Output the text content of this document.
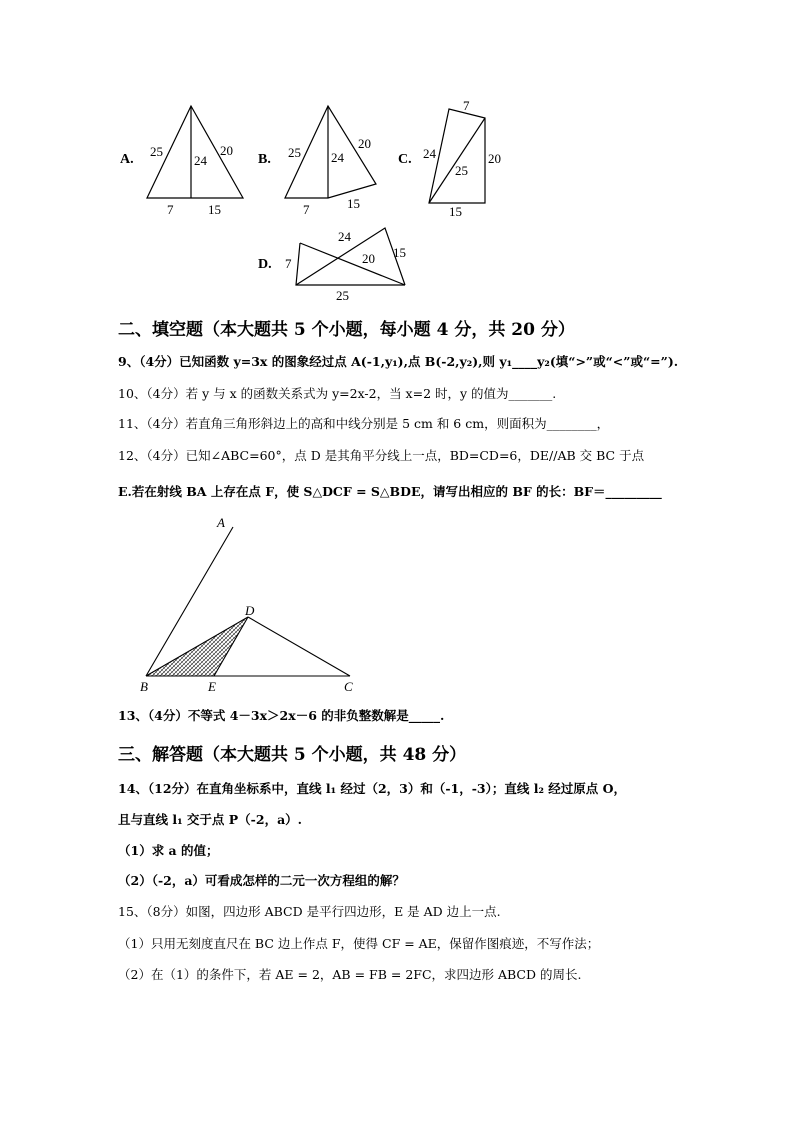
A.
25
24
20
7	15
B. 25 24
20
7	15
C.
7
24
25
20
15
D. 7
24
20 15
25
A
D
B	E	C
二、填空题（本大题共 5 个小题，每小题 4 分，共 20 分）
9、（4分）已知函数 y=3x 的图象经过点 A(-1,y₁),点 B(-2,y₂),则 y₁____y₂(填“>”或“<”或“=”).
10、（4分）若 y 与 x 的函数关系式为 y=2x-2，当 x=2 时，y 的值为_______.
11、（4分）若直角三角形斜边上的高和中线分别是 5 cm 和 6 cm，则面积为________，
12、（4分）已知∠ABC=60°，点 D 是其角平分线上一点，BD=CD=6，DE//AB 交 BC 于点
E.若在射线 BA 上存在点 F，使 S△DCF = S△BDE，请写出相应的 BF 的长：BF＝_________
13、（4分）不等式 4－3x＞2x－6 的非负整数解是_____.
三、解答题（本大题共 5 个小题，共 48 分）
14、（12分）在直角坐标系中，直线 l₁ 经过（2，3）和（-1，-3）；直线 l₂ 经过原点 O，
且与直线 l₁ 交于点 P（-2，a）.
（1）求 a 的值；
（2）（-2，a）可看成怎样的二元一次方程组的解？
15、（8分）如图，四边形 ABCD 是平行四边形，E 是 AD 边上一点.
（1）只用无刻度直尺在 BC 边上作点 F，使得 CF = AE，保留作图痕迹，不写作法；
（2）在（1）的条件下，若 AE = 2，AB = FB = 2FC，求四边形 ABCD 的周长.
